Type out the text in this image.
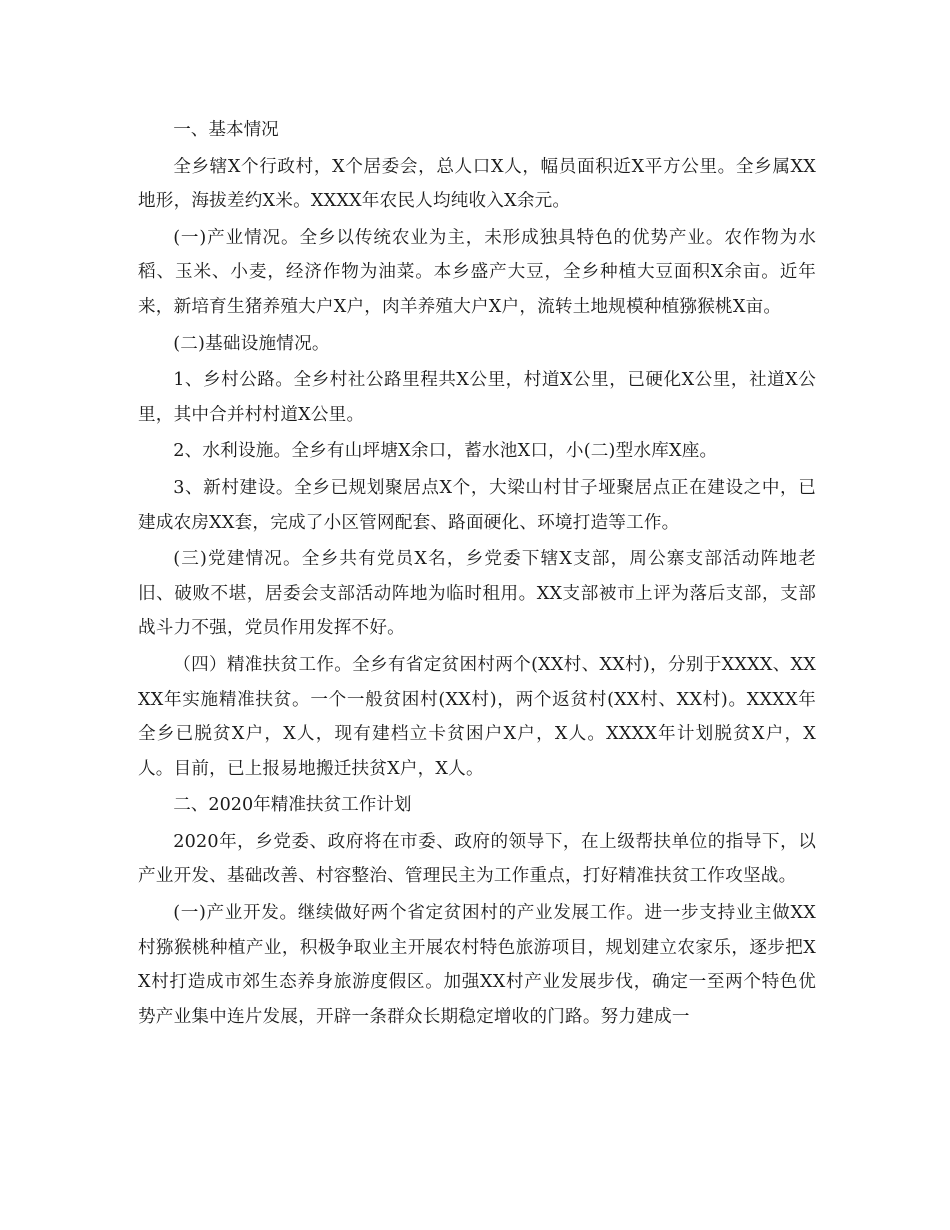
一、基本情况

全乡辖X个行政村，X个居委会，总人口X人，幅员面积近X平方公里。全乡属XX地形，海拔差约X米。XXXX年农民人均纯收入X余元。

(一)产业情况。全乡以传统农业为主，未形成独具特色的优势产业。农作物为水稻、玉米、小麦，经济作物为油菜。本乡盛产大豆，全乡种植大豆面积X余亩。近年来，新培育生猪养殖大户X户，肉羊养殖大户X户，流转土地规模种植猕猴桃X亩。

(二)基础设施情况。

1、乡村公路。全乡村社公路里程共X公里，村道X公里，已硬化X公里，社道X公里，其中合并村村道X公里。

2、水利设施。全乡有山坪塘X余口，蓄水池X口，小(二)型水库X座。

3、新村建设。全乡已规划聚居点X个，大梁山村甘子垭聚居点正在建设之中，已建成农房XX套，完成了小区管网配套、路面硬化、环境打造等工作。

(三)党建情况。全乡共有党员X名，乡党委下辖X支部，周公寨支部活动阵地老旧、破败不堪，居委会支部活动阵地为临时租用。XX支部被市上评为落后支部，支部战斗力不强，党员作用发挥不好。

（四）精准扶贫工作。全乡有省定贫困村两个(XX村、XX村)，分别于XXXX、XXXX年实施精准扶贫。一个一般贫困村(XX村)，两个返贫村(XX村、XX村)。XXXX年全乡已脱贫X户，X人，现有建档立卡贫困户X户，X人。XXXX年计划脱贫X户，X人。目前，已上报易地搬迁扶贫X户，X人。

二、2020年精准扶贫工作计划

2020年，乡党委、政府将在市委、政府的领导下，在上级帮扶单位的指导下，以产业开发、基础改善、村容整治、管理民主为工作重点，打好精准扶贫工作攻坚战。

(一)产业开发。继续做好两个省定贫困村的产业发展工作。进一步支持业主做XX村猕猴桃种植产业，积极争取业主开展农村特色旅游项目，规划建立农家乐，逐步把XX村打造成市郊生态养身旅游度假区。加强XX村产业发展步伐，确定一至两个特色优势产业集中连片发展，开辟一条群众长期稳定增收的门路。努力建成一
